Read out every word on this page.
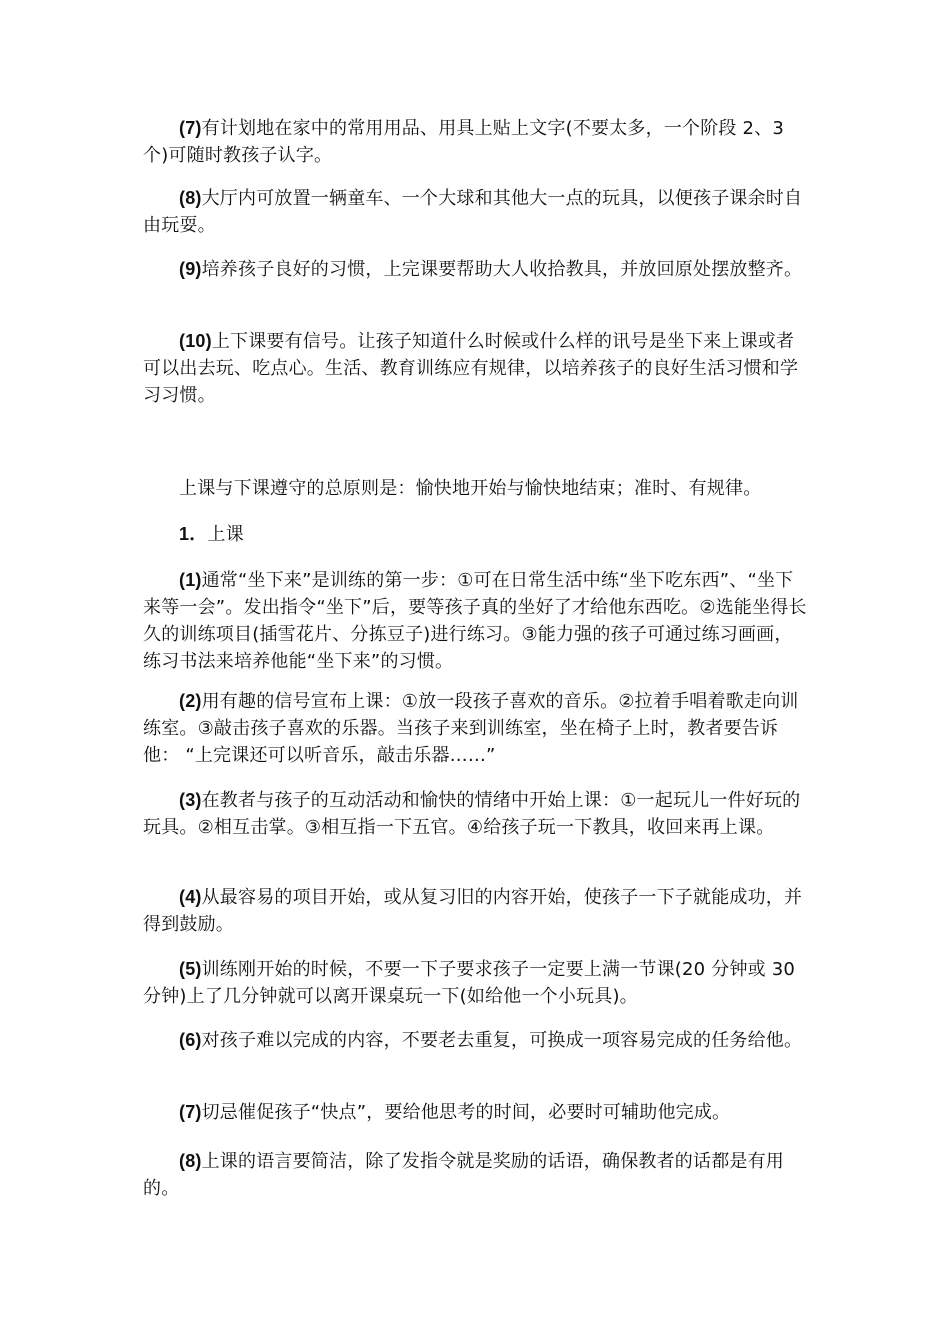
(7)有计划地在家中的常用用品、用具上贴上文字(不要太多，一个阶段 2、3 个)可随时教孩子认字。

(8)大厅内可放置一辆童车、一个大球和其他大一点的玩具，以便孩子课余时自由玩耍。

(9)培养孩子良好的习惯，上完课要帮助大人收拾教具，并放回原处摆放整齐。

(10)上下课要有信号。让孩子知道什么时候或什么样的讯号是坐下来上课或者可以出去玩、吃点心。生活、教育训练应有规律，以培养孩子的良好生活习惯和学习习惯。

上课与下课遵守的总原则是：愉快地开始与愉快地结束；准时、有规律。

1．上课

(1)通常“坐下来”是训练的第一步：①可在日常生活中练“坐下吃东西”、“坐下来等一会”。发出指令“坐下”后，要等孩子真的坐好了才给他东西吃。②选能坐得长久的训练项目(插雪花片、分拣豆子)进行练习。③能力强的孩子可通过练习画画，练习书法来培养他能“坐下来”的习惯。

(2)用有趣的信号宣布上课：①放一段孩子喜欢的音乐。②拉着手唱着歌走向训练室。③敲击孩子喜欢的乐器。当孩子来到训练室，坐在椅子上时，教者要告诉他： “上完课还可以听音乐，敲击乐器……”

(3)在教者与孩子的互动活动和愉快的情绪中开始上课：①一起玩儿一件好玩的玩具。②相互击掌。③相互指一下五官。④给孩子玩一下教具，收回来再上课。

(4)从最容易的项目开始，或从复习旧的内容开始，使孩子一下子就能成功，并得到鼓励。

(5)训练刚开始的时候，不要一下子要求孩子一定要上满一节课(20 分钟或 30 分钟)上了几分钟就可以离开课桌玩一下(如给他一个小玩具)。

(6)对孩子难以完成的内容，不要老去重复，可换成一项容易完成的任务给他。

(7)切忌催促孩子“快点”，要给他思考的时间，必要时可辅助他完成。

(8)上课的语言要简洁，除了发指令就是奖励的话语，确保教者的话都是有用的。
